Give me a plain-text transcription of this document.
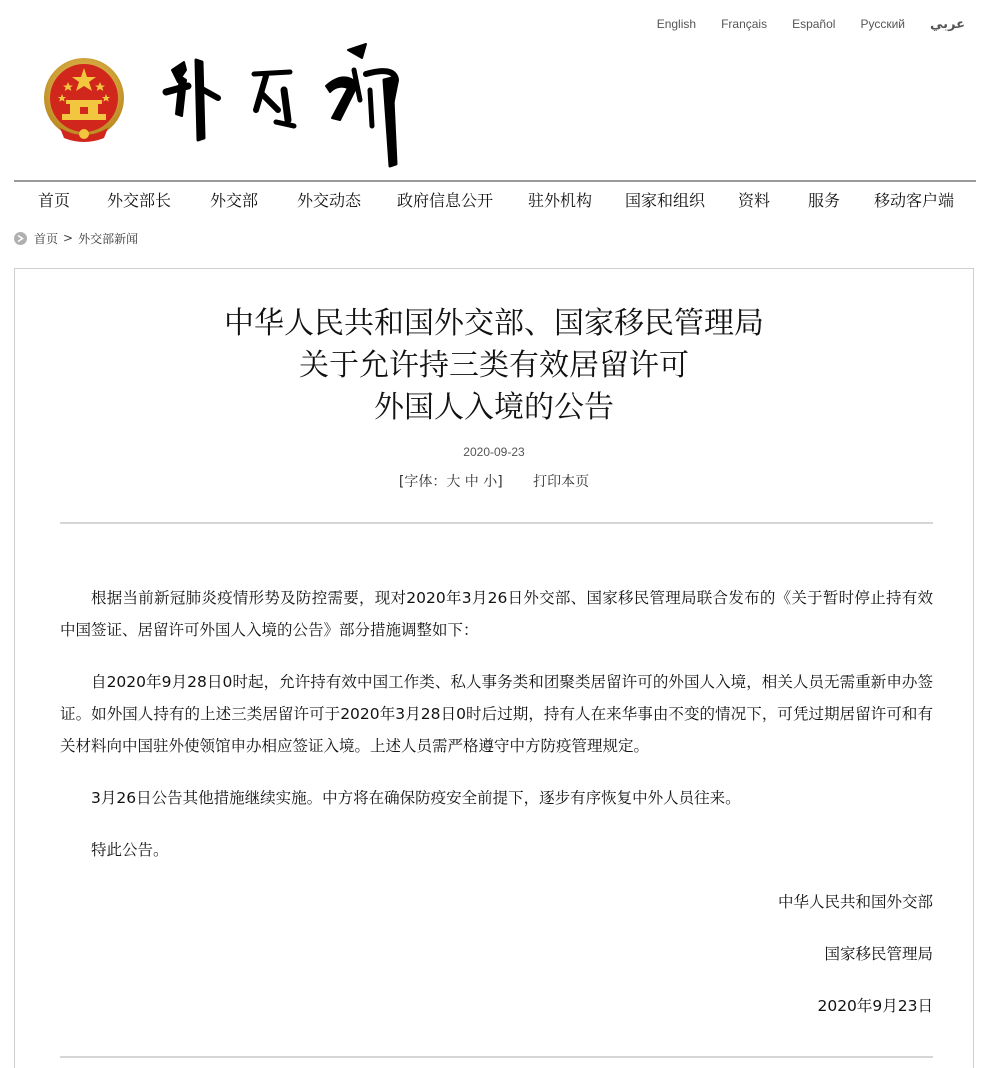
English Français Español Русский عربي
首页 外交部长 外交部 外交动态 政府信息公开 驻外机构 国家和组织 资料 服务 移动客户端
首页 > 外交部新闻
中华人民共和国外交部、国家移民管理局
关于允许持三类有效居留许可
外国人入境的公告
2020-09-23
[字体：大 中 小] 打印本页

根据当前新冠肺炎疫情形势及防控需要，现对2020年3月26日外交部、国家移民管理局联合发布的《关于暂时停止持有效中国签证、居留许可外国人入境的公告》部分措施调整如下：

自2020年9月28日0时起，允许持有效中国工作类、私人事务类和团聚类居留许可的外国人入境，相关人员无需重新申办签证。如外国人持有的上述三类居留许可于2020年3月28日0时后过期，持有人在来华事由不变的情况下，可凭过期居留许可和有关材料向中国驻外使领馆申办相应签证入境。上述人员需严格遵守中方防疫管理规定。

3月26日公告其他措施继续实施。中方将在确保防疫安全前提下，逐步有序恢复中外人员往来。

特此公告。

中华人民共和国外交部

国家移民管理局

2020年9月23日
